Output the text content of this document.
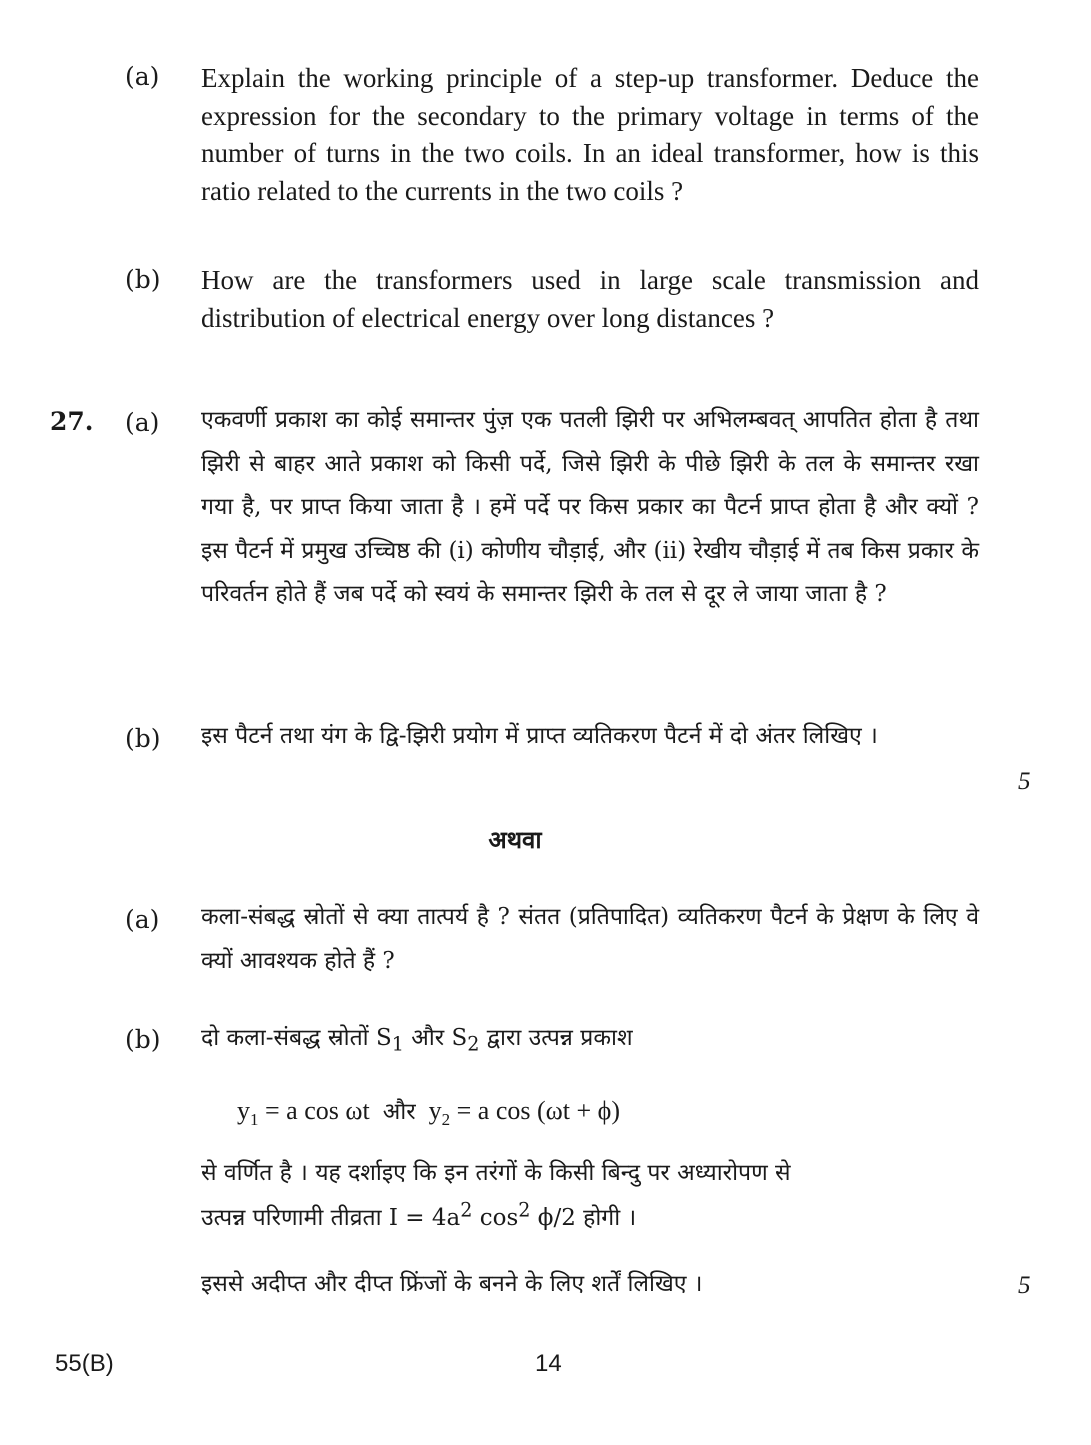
(a) Explain the working principle of a step-up transformer. Deduce the expression for the secondary to the primary voltage in terms of the number of turns in the two coils. In an ideal transformer, how is this ratio related to the currents in the two coils ?
(b) How are the transformers used in large scale transmission and distribution of electrical energy over long distances ?
27. (a) एकवर्णी प्रकाश का कोई समान्तर पुंज़ एक पतली झिरी पर अभिलम्बवत् आपतित होता है तथा झिरी से बाहर आते प्रकाश को किसी पर्दे, जिसे झिरी के पीछे झिरी के तल के समान्तर रखा गया है, पर प्राप्त किया जाता है । हमें पर्दे पर किस प्रकार का पैटर्न प्राप्त होता है और क्यों ? इस पैटर्न में प्रमुख उच्चिष्ठ की (i) कोणीय चौड़ाई, और (ii) रेखीय चौड़ाई में तब किस प्रकार के परिवर्तन होते हैं जब पर्दे को स्वयं के समान्तर झिरी के तल से दूर ले जाया जाता है ?
(b) इस पैटर्न तथा यंग के द्वि-झिरी प्रयोग में प्राप्त व्यतिकरण पैटर्न में दो अंतर लिखिए ।
5
अथवा
(a) कला-संबद्ध स्रोतों से क्या तात्पर्य है ? संतत (प्रतिपादित) व्यतिकरण पैटर्न के प्रेक्षण के लिए वे क्यों आवश्यक होते हैं ?
(b) दो कला-संबद्ध स्रोतों $S_1$ और $S_2$ द्वारा उत्पन्न प्रकाश
$y_1 = a$ cos ωt  और  $y_2 = a$ cos (ωt + ϕ)
से वर्णित है । यह दर्शाइए कि इन तरंगों के किसी बिन्दु पर अध्यारोपण से
उत्पन्न परिणामी तीव्रता $I = 4a^2$ $\cos^2 \phi/2$ होगी ।
इससे अदीप्त और दीप्त फ्रिंजों के बनने के लिए शर्तें लिखिए ।	5
55(B)	14
